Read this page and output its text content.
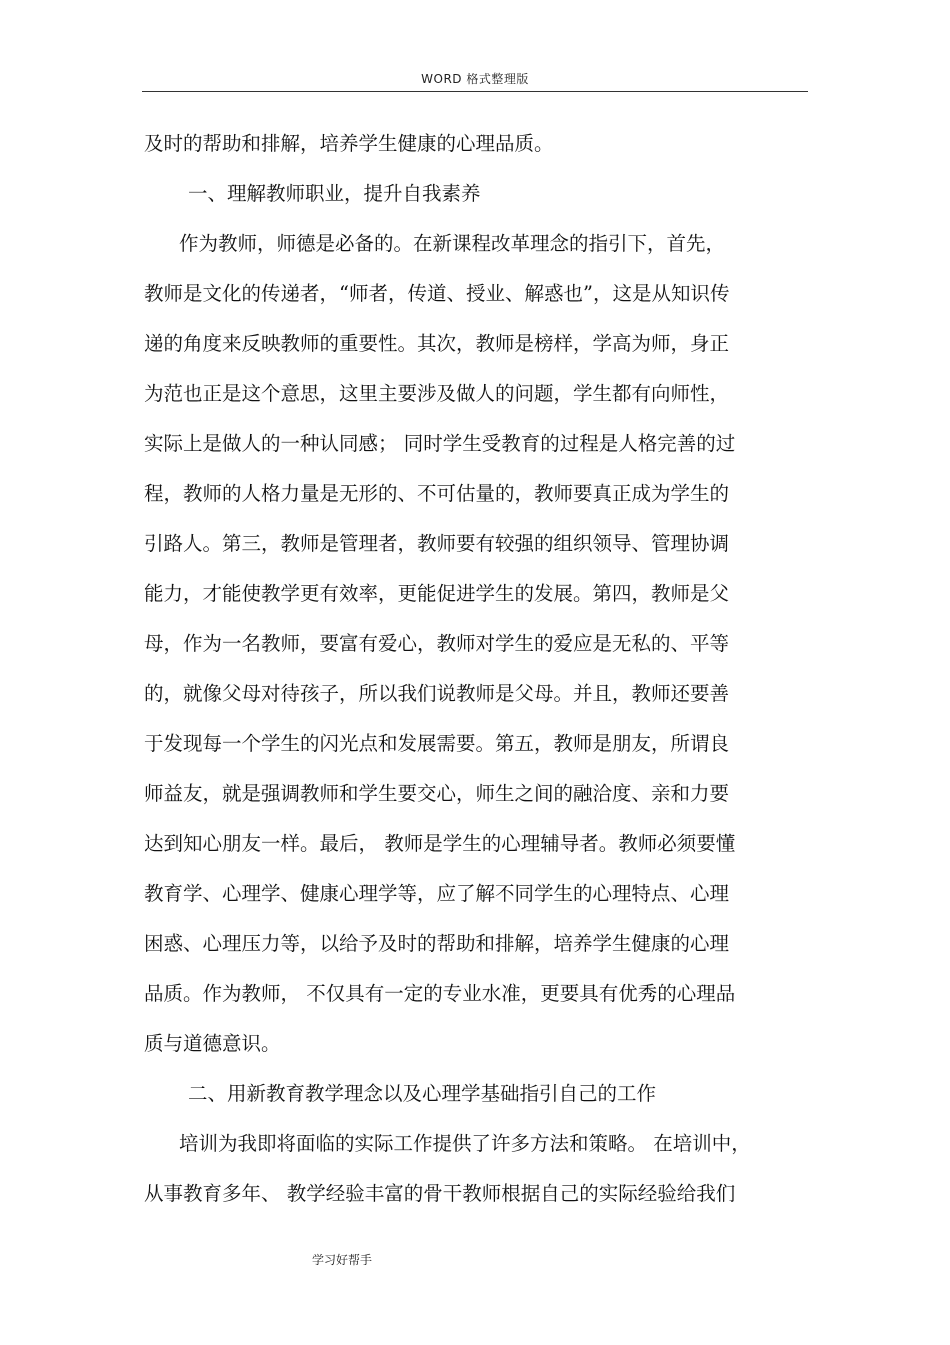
WORD 格式整理版
及时的帮助和排解，培养学生健康的心理品质。
一、理解教师职业，提升自我素养
作为教师，师德是必备的。在新课程改革理念的指引下，首先，
教师是文化的传递者，“师者，传道、授业、解惑也”，这是从知识传
递的角度来反映教师的重要性。其次，教师是榜样，学高为师，身正
为范也正是这个意思，这里主要涉及做人的问题，学生都有向师性，
实际上是做人的一种认同感； 同时学生受教育的过程是人格完善的过
程，教师的人格力量是无形的、不可估量的，教师要真正成为学生的
引路人。第三，教师是管理者，教师要有较强的组织领导、管理协调
能力，才能使教学更有效率，更能促进学生的发展。第四，教师是父
母，作为一名教师，要富有爱心，教师对学生的爱应是无私的、平等
的，就像父母对待孩子，所以我们说教师是父母。并且，教师还要善
于发现每一个学生的闪光点和发展需要。第五，教师是朋友，所谓良
师益友，就是强调教师和学生要交心，师生之间的融洽度、亲和力要
达到知心朋友一样。最后， 教师是学生的心理辅导者。教师必须要懂
教育学、心理学、健康心理学等，应了解不同学生的心理特点、心理
困惑、心理压力等，以给予及时的帮助和排解，培养学生健康的心理
品质。作为教师， 不仅具有一定的专业水准，更要具有优秀的心理品
质与道德意识。
二、用新教育教学理念以及心理学基础指引自己的工作
培训为我即将面临的实际工作提供了许多方法和策略。 在培训中，
从事教育多年、 教学经验丰富的骨干教师根据自己的实际经验给我们
学习好帮手
